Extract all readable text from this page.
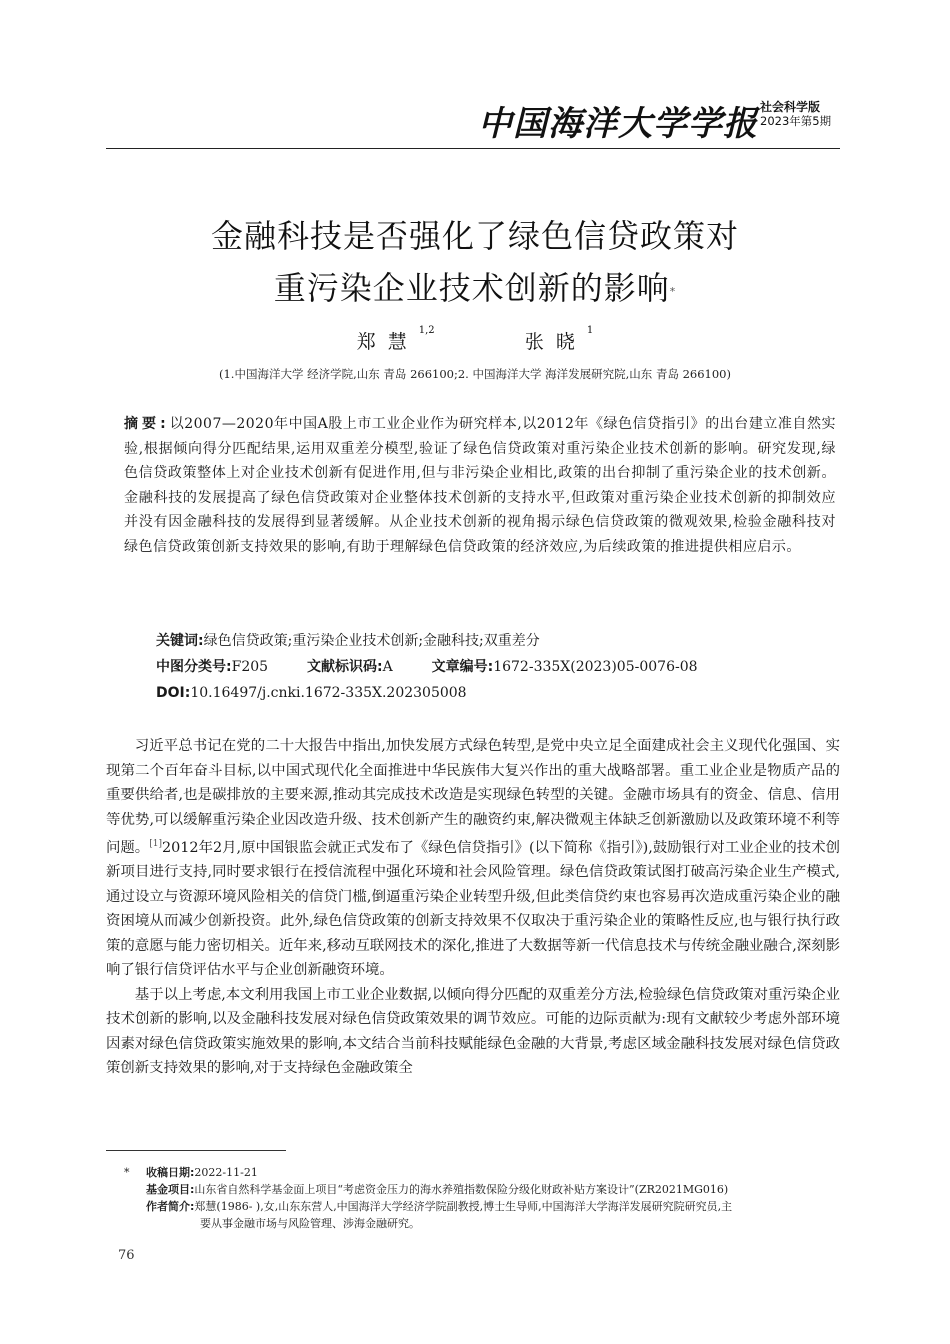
中国海洋大学学报 社会科学版
2023年第5期
金融科技是否强化了绿色信贷政策对
重污染企业技术创新的影响*
郑慧$^{1,2}$     张晓$^1$
(1.中国海洋大学 经济学院,山东 青岛 266100;2. 中国海洋大学 海洋发展研究院,山东 青岛 266100)
摘要:以2007—2020年中国A股上市工业企业作为研究样本,以2012年《绿色信贷指引》的出台建立准自然实验,根据倾向得分匹配结果,运用双重差分模型,验证了绿色信贷政策对重污染企业技术创新的影响。研究发现,绿色信贷政策整体上对企业技术创新有促进作用,但与非污染企业相比,政策的出台抑制了重污染企业的技术创新。金融科技的发展提高了绿色信贷政策对企业整体技术创新的支持水平,但政策对重污染企业技术创新的抑制效应并没有因金融科技的发展得到显著缓解。从企业技术创新的视角揭示绿色信贷政策的微观效果,检验金融科技对绿色信贷政策创新支持效果的影响,有助于理解绿色信贷政策的经济效应,为后续政策的推进提供相应启示。
关键词:绿色信贷政策;重污染企业技术创新;金融科技;双重差分
中图分类号:F205	文献标识码:A	文章编号:1672-335X(2023)05-0076-08
DOI:10.16497/j.cnki.1672-335X.202305008

习近平总书记在党的二十大报告中指出,加快发展方式绿色转型,是党中央立足全面建成社会主义现代化强国、实现第二个百年奋斗目标,以中国式现代化全面推进中华民族伟大复兴作出的重大战略部署。重工业企业是物质产品的重要供给者,也是碳排放的主要来源,推动其完成技术改造是实现绿色转型的关键。金融市场具有的资金、信息、信用等优势,可以缓解重污染企业因改造升级、技术创新产生的融资约束,解决微观主体缺乏创新激励以及政策环境不利等问题。[1]2012年2月,原中国银监会就正式发布了《绿色信贷指引》(以下简称《指引》),鼓励银行对工业企业的技术创新项目进行支持,同时要求银行在授信流程中强化环境和社会风险管理。绿色信贷政策试图打破高污染企业生产模式,通过设立与资源环境风险相关的信贷门槛,倒逼重污染企业转型升级,但此类信贷约束也容易再次造成重污染企业的融资困境从而减少创新投资。此外,绿色信贷政策的创新支持效果不仅取决于重污染企业的策略性反应,也与银行执行政策的意愿与能力密切相关。近年来,移动互联网技术的深化,推进了大数据等新一代信息技术与传统金融业融合,深刻影响了银行信贷评估水平与企业创新融资环境。

基于以上考虑,本文利用我国上市工业企业数据,以倾向得分匹配的双重差分方法,检验绿色信贷政策对重污染企业技术创新的影响,以及金融科技发展对绿色信贷政策效果的调节效应。可能的边际贡献为:现有文献较少考虑外部环境因素对绿色信贷政策实施效果的影响,本文结合当前科技赋能绿色金融的大背景,考虑区域金融科技发展对绿色信贷政策创新支持效果的影响,对于支持绿色金融政策全

* 收稿日期:2022-11-21
基金项目:山东省自然科学基金面上项目“考虑资金压力的海水养殖指数保险分级化财政补贴方案设计”(ZR2021MG016)
作者简介:郑慧(1986- ),女,山东东营人,中国海洋大学经济学院副教授,博士生导师,中国海洋大学海洋发展研究院研究员,主
要从事金融市场与风险管理、涉海金融研究。
76
